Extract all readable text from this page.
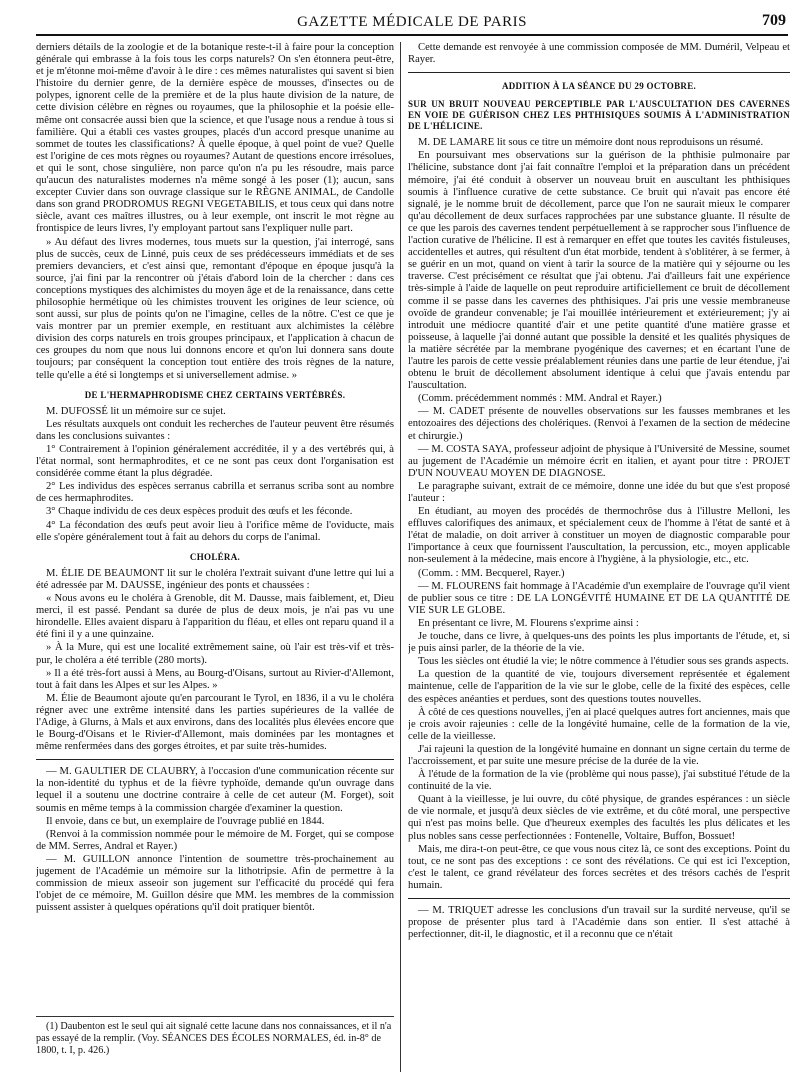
GAZETTE MÉDICALE DE PARIS	709

derniers détails de la zoologie et de la botanique reste-t-il à faire pour la conception générale qui embrasse à la fois tous les corps naturels? On s'en étonnera peut-être, et je m'étonne moi-même d'avoir à le dire : ces mêmes naturalistes qui savent si bien l'histoire du dernier genre, de la dernière espèce de mousses, d'insectes ou de polypes, ignorent celle de la première et de la plus haute division de la nature, de cette division célèbre en règnes ou royaumes, que la philosophie et la poésie elle-même ont consacrée aussi bien que la science, et que l'usage nous a rendue à tous si familière. Qui a établi ces vastes groupes, placés d'un accord presque unanime au sommet de toutes les classifications? À quelle époque, à quel point de vue? Quelle est l'origine de ces mots règnes ou royaumes? Autant de questions encore irrésolues, et qui le sont, chose singulière, non parce qu'on n'a pu les résoudre, mais parce qu'aucun des naturalistes modernes n'a même songé à les poser (1); aucun, sans excepter Cuvier dans son ouvrage classique sur le RÈGNE ANIMAL, de Candolle dans son grand PRODROMUS REGNI VEGETABILIS, et tous ceux qui dans notre siècle, avant ces maîtres illustres, ou à leur exemple, ont inscrit le mot règne au frontispice de leurs livres, l'y employant partout sans l'expliquer nulle part.

» Au défaut des livres modernes, tous muets sur la question, j'ai interrogé, sans plus de succès, ceux de Linné, puis ceux de ses prédécesseurs immédiats et de ses premiers devanciers, et c'est ainsi que, remontant d'époque en époque jusqu'à la source, j'ai fini par la rencontrer où j'étais d'abord loin de la chercher : dans ces conceptions mystiques des alchimistes du moyen âge et de la renaissance, dans cette philosophie hermétique où les chimistes trouvent les origines de leur science, où sont aussi, sur plus de points qu'on ne l'imagine, celles de la nôtre. C'est ce que je vais montrer par un premier exemple, en restituant aux alchimistes la célèbre division des corps naturels en trois groupes principaux, et l'application à chacun de ces groupes du nom que nous lui donnons encore et qu'on lui donnera sans doute toujours; par conséquent la conception tout entière des trois règnes de la nature, telle qu'elle a été si longtemps et si universellement admise. »

DE L'HERMAPHRODISME CHEZ CERTAINS VERTÉBRÉS.

M. DUFOSSÉ lit un mémoire sur ce sujet.

Les résultats auxquels ont conduit les recherches de l'auteur peuvent être résumés dans les conclusions suivantes :

1° Contrairement à l'opinion généralement accréditée, il y a des vertébrés qui, à l'état normal, sont hermaphrodites, et ce ne sont pas ceux dont l'organisation est considérée comme étant la plus dégradée.

2° Les individus des espèces serranus cabrilla et serranus scriba sont au nombre de ces hermaphrodites.

3° Chaque individu de ces deux espèces produit des œufs et les féconde.

4° La fécondation des œufs peut avoir lieu à l'orifice même de l'oviducte, mais elle s'opère généralement tout à fait au dehors du corps de l'animal.

CHOLÉRA.

M. ÉLIE DE BEAUMONT lit sur le choléra l'extrait suivant d'une lettre qui lui a été adressée par M. DAUSSE, ingénieur des ponts et chaussées :

« Nous avons eu le choléra à Grenoble, dit M. Dausse, mais faiblement, et, Dieu merci, il est passé. Pendant sa durée de plus de deux mois, je n'ai pas vu une hirondelle. Elles avaient disparu à l'apparition du fléau, et elles ont reparu quand il a été fini il y a une quinzaine.

» À la Mure, qui est une localité extrêmement saine, où l'air est très-vif et très-pur, le choléra a été terrible (280 morts).

» Il a été très-fort aussi à Mens, au Bourg-d'Oisans, surtout au Rivier-d'Allemont, tout à fait dans les Alpes et sur les Alpes. »

M. Élie de Beaumont ajoute qu'en parcourant le Tyrol, en 1836, il a vu le choléra régner avec une extrême intensité dans les parties supérieures de la vallée de l'Adige, à Glurns, à Mals et aux environs, dans des localités plus élevées encore que le Bourg-d'Oisans et le Rivier-d'Allemont, mais dominées par les montagnes et même renfermées dans des gorges étroites, et par suite très-humides.

— M. GAULTIER DE CLAUBRY, à l'occasion d'une communication récente sur la non-identité du typhus et de la fièvre typhoïde, demande qu'un ouvrage dans lequel il a soutenu une doctrine contraire à celle de cet auteur (M. Forget), soit soumis en même temps à la commission chargée d'examiner la question.

Il envoie, dans ce but, un exemplaire de l'ouvrage publié en 1844.

(Renvoi à la commission nommée pour le mémoire de M. Forget, qui se compose de MM. Serres, Andral et Rayer.)

— M. GUILLON annonce l'intention de soumettre très-prochainement au jugement de l'Académie un mémoire sur la lithotripsie. Afin de permettre à la commission de mieux asseoir son jugement sur l'efficacité du procédé qui fera l'objet de ce mémoire, M. Guillon désire que MM. les membres de la commission puissent assister à quelques opérations qu'il doit pratiquer bientôt.

Cette demande est renvoyée à une commission composée de MM. Duméril, Velpeau et Rayer.

ADDITION À LA SÉANCE DU 29 OCTOBRE.
SUR UN BRUIT NOUVEAU PERCEPTIBLE PAR L'AUSCULTATION DES CAVERNES EN VOIE DE GUÉRISON CHEZ LES PHTHISIQUES SOUMIS À L'ADMINISTRATION DE L'HÉLICINE.

M. DE LAMARE lit sous ce titre un mémoire dont nous reproduisons un résumé.

En poursuivant mes observations sur la guérison de la phthisie pulmonaire par l'hélicine, substance dont j'ai fait connaître l'emploi et la préparation dans un précédent mémoire, j'ai été conduit à observer un nouveau bruit en auscultant les phthisiques soumis à l'influence curative de cette substance. Ce bruit qui n'avait pas encore été signalé, je le nomme bruit de décollement, parce que l'on ne saurait mieux le comparer qu'au décollement de deux surfaces rapprochées par une substance gluante. Il résulte de ce que les parois des cavernes tendent perpétuellement à se rapprocher sous l'influence de l'action curative de l'hélicine. Il est à remarquer en effet que toutes les cavités fistuleuses, accidentelles et autres, qui résultent d'un état morbide, tendent à s'oblitérer, à se fermer, à se guérir en un mot, quand on vient à tarir la source de la matière qui y séjourne ou les traverse. C'est précisément ce résultat que j'ai obtenu. J'ai d'ailleurs fait une expérience très-simple à l'aide de laquelle on peut reproduire artificiellement ce bruit de décollement comme il se passe dans les cavernes des phthisiques. J'ai pris une vessie membraneuse ovoïde de grandeur convenable; je l'ai mouillée intérieurement et extérieurement; j'y ai introduit une médiocre quantité d'air et une petite quantité d'une matière grasse et poisseuse, à laquelle j'ai donné autant que possible la densité et les qualités physiques de la matière sécrétée par la membrane pyogénique des cavernes; et en écartant l'une de l'autre les parois de cette vessie préalablement réunies dans une partie de leur étendue, j'ai obtenu le bruit de décollement absolument identique à celui que j'avais entendu par l'auscultation.

(Comm. précédemment nommés : MM. Andral et Rayer.)

— M. CADET présente de nouvelles observations sur les fausses membranes et les entozoaires des déjections des cholériques. (Renvoi à l'examen de la section de médecine et chirurgie.)

— M. COSTA SAYA, professeur adjoint de physique à l'Université de Messine, soumet au jugement de l'Académie un mémoire écrit en italien, et ayant pour titre : PROJET D'UN NOUVEAU MOYEN DE DIAGNOSE.

Le paragraphe suivant, extrait de ce mémoire, donne une idée du but que s'est proposé l'auteur :

En étudiant, au moyen des procédés de thermochrôse dus à l'illustre Melloni, les effluves calorifiques des animaux, et spécialement ceux de l'homme à l'état de santé et à l'état de maladie, on doit arriver à constituer un moyen de diagnostic comparable pour l'importance à ceux que fournissent l'auscultation, la percussion, etc., moyen applicable non-seulement à la médecine, mais encore à l'hygiène, à la physiologie, etc., etc.

(Comm. : MM. Becquerel, Rayer.)

— M. FLOURENS fait hommage à l'Académie d'un exemplaire de l'ouvrage qu'il vient de publier sous ce titre : DE LA LONGÉVITÉ HUMAINE ET DE LA QUANTITÉ DE VIE SUR LE GLOBE.

En présentant ce livre, M. Flourens s'exprime ainsi :

Je touche, dans ce livre, à quelques-uns des points les plus importants de l'étude, et, si je puis ainsi parler, de la théorie de la vie.

Tous les siècles ont étudié la vie; le nôtre commence à l'étudier sous ses grands aspects.

La question de la quantité de vie, toujours diversement représentée et également maintenue, celle de l'apparition de la vie sur le globe, celle de la fixité des espèces, celle des espèces anéanties et perdues, sont des questions toutes nouvelles.

À côté de ces questions nouvelles, j'en ai placé quelques autres fort anciennes, mais que je crois avoir rajeunies : celle de la longévité humaine, celle de la formation de la vie, celle de la vieillesse.

J'ai rajeuni la question de la longévité humaine en donnant un signe certain du terme de l'accroissement, et par suite une mesure précise de la durée de la vie.

À l'étude de la formation de la vie (problème qui nous passe), j'ai substitué l'étude de la continuité de la vie.

Quant à la vieillesse, je lui ouvre, du côté physique, de grandes espérances : un siècle de vie normale, et jusqu'à deux siècles de vie extrême, et du côté moral, une perspective qui n'est pas moins belle. Que d'heureux exemples des facultés les plus délicates et les plus nobles sans cesse perfectionnées : Fontenelle, Voltaire, Buffon, Bossuet!

Mais, me dira-t-on peut-être, ce que vous nous citez là, ce sont des exceptions. Point du tout, ce ne sont pas des exceptions : ce sont des révélations. Ce qui est ici l'exception, c'est le talent, ce grand révélateur des forces secrètes et des trésors cachés de l'esprit humain.

— M. TRIQUET adresse les conclusions d'un travail sur la surdité nerveuse, qu'il se propose de présenter plus tard à l'Académie dans son entier. Il s'est attaché à perfectionner, dit-il, le diagnostic, et il a reconnu que ce n'était

(1) Daubenton est le seul qui ait signalé cette lacune dans nos connaissances, et il n'a pas essayé de la remplir. (Voy. SÉANCES DES ÉCOLES NORMALES, éd. in-8° de 1800, t. I, p. 426.)
